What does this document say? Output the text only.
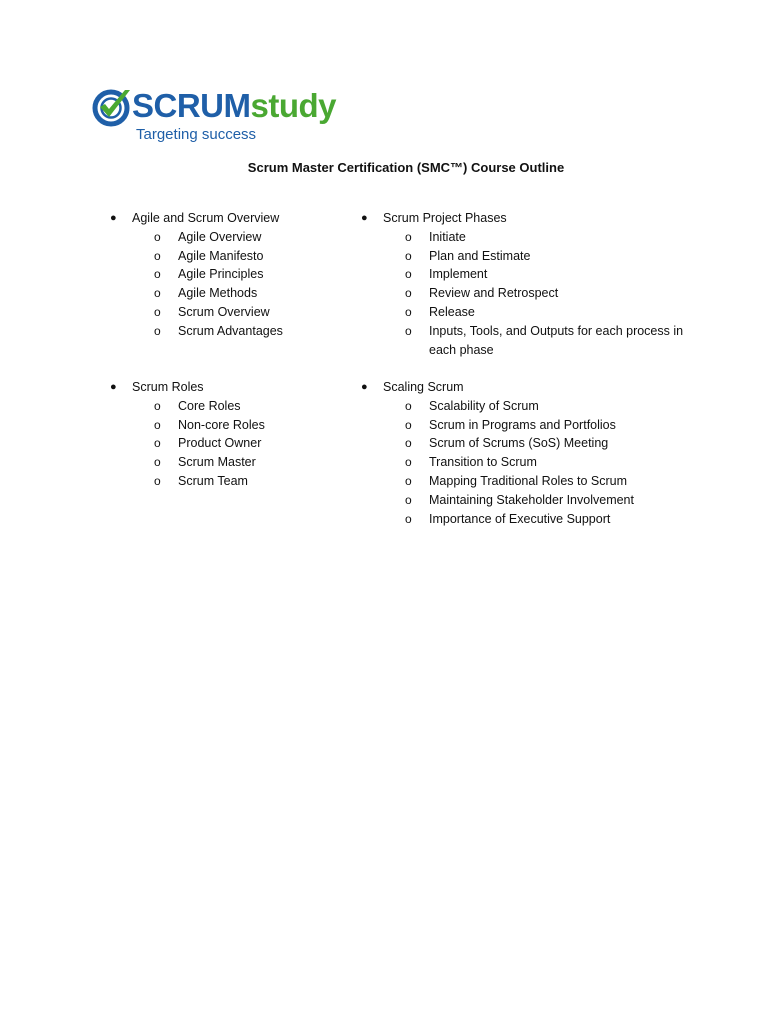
SCRUMstudy
Targeting success
Scrum Master Certification (SMC™) Course Outline
● Agile and Scrum Overview
o Agile Overview
o Agile Manifesto
o Agile Principles
o Agile Methods
o Scrum Overview
o Scrum Advantages
● Scrum Project Phases
o Initiate
o Plan and Estimate
o Implement
o Review and Retrospect
o Release
o Inputs, Tools, and Outputs for each process in each phase
● Scrum Roles
o Core Roles
o Non-core Roles
o Product Owner
o Scrum Master
o Scrum Team
● Scaling Scrum
o Scalability of Scrum
o Scrum in Programs and Portfolios
o Scrum of Scrums (SoS) Meeting
o Transition to Scrum
o Mapping Traditional Roles to Scrum
o Maintaining Stakeholder Involvement
o Importance of Executive Support
